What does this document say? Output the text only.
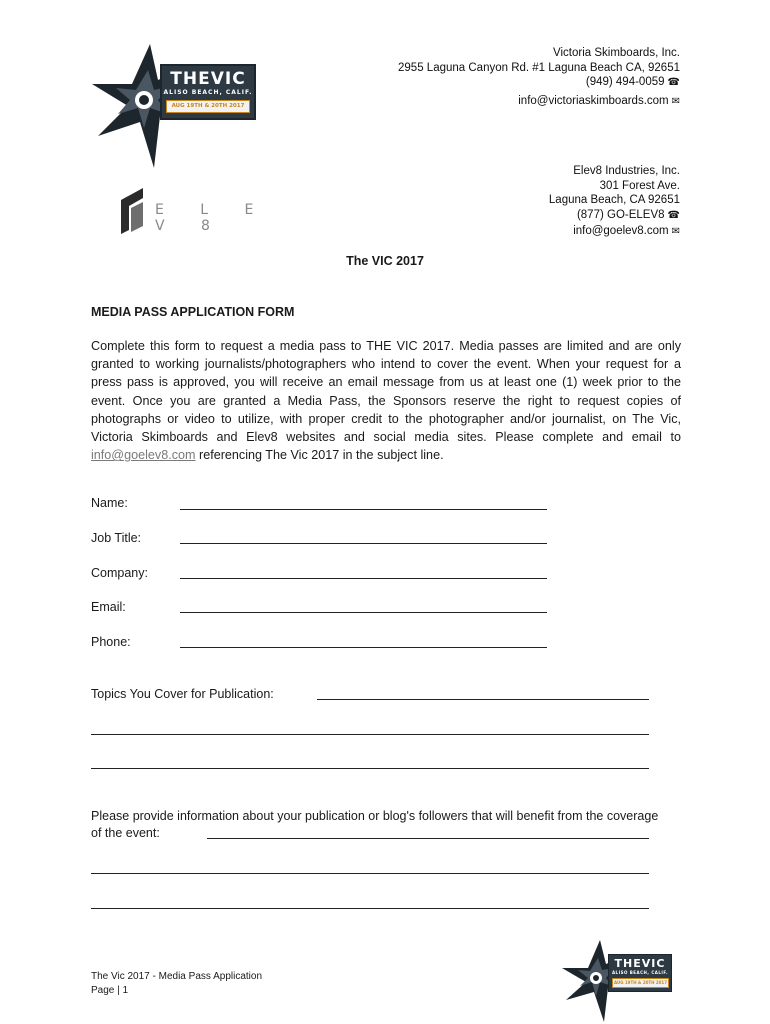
THEVIC
ALISO BEACH, CALIF.
AUG 19TH & 20TH 2017
E L E V 8
Victoria Skimboards, Inc.
2955 Laguna Canyon Rd. #1 Laguna Beach CA, 92651
(949) 494-0059 ☎
info@victoriaskimboards.com ✉
Elev8 Industries, Inc.
301 Forest Ave.
Laguna Beach, CA 92651
(877) GO-ELEV8 ☎
info@goelev8.com ✉
The VIC 2017
MEDIA PASS APPLICATION FORM
Complete this form to request a media pass to THE VIC 2017. Media passes are limited and are only granted to working journalists/photographers who intend to cover the event. When your request for a press pass is approved, you will receive an email message from us at least one (1) week prior to the event. Once you are granted a Media Pass, the Sponsors reserve the right to request copies of photographs or video to utilize, with proper credit to the photographer and/or journalist, on The Vic, Victoria Skimboards and Elev8 websites and social media sites. Please complete and email to info@goelev8.com referencing The Vic 2017 in the subject line.
Name:
Job Title:
Company:
Email:
Phone:
Topics You Cover for Publication:
Please provide information about your publication or blog's followers that will benefit from the coverage
of the event:
The Vic 2017 - Media Pass Application
Page | 1
THEVIC
ALISO BEACH, CALIF.
AUG 19TH & 20TH 2017
